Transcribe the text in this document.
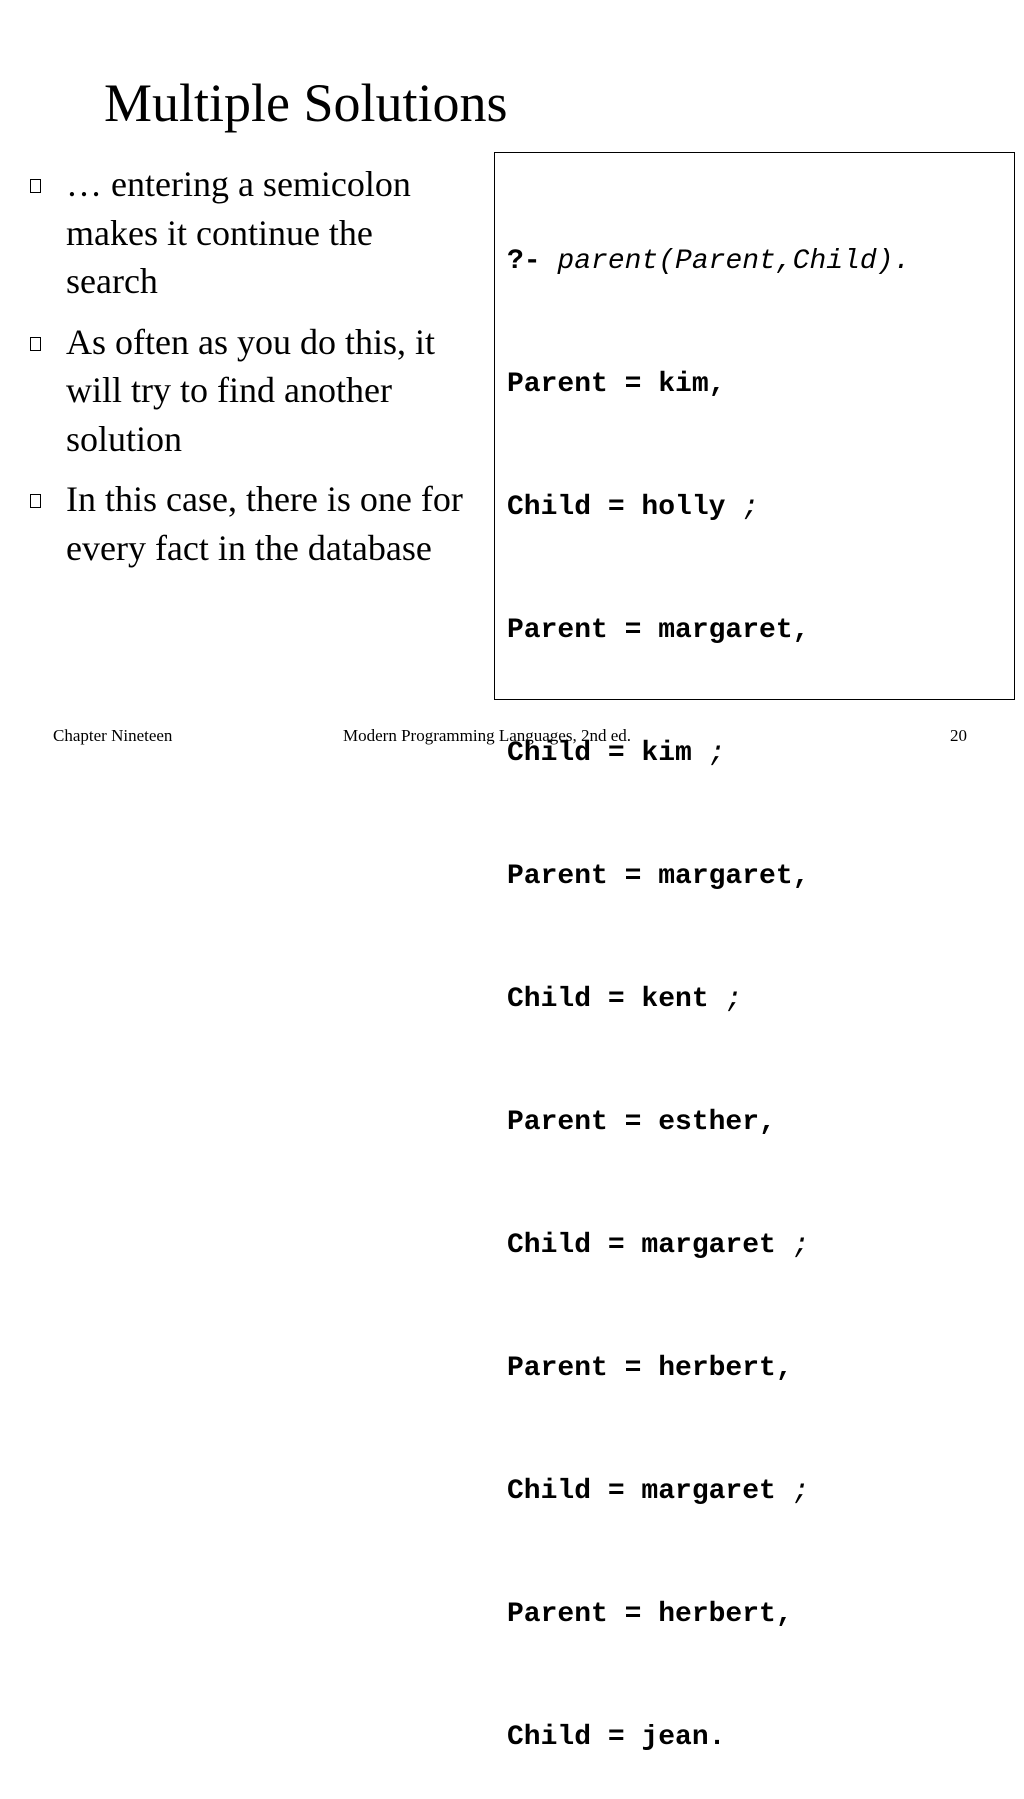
Multiple Solutions
… entering a semicolon makes it continue the search
As often as you do this, it will try to find another solution
In this case, there is one for every fact in the database

?- parent(Parent,Child).

Parent = kim,

Child = holly ;

Parent = margaret,

Child = kim ;

Parent = margaret,

Child = kent ;

Parent = esther,

Child = margaret ;

Parent = herbert,

Child = margaret ;

Parent = herbert,

Child = jean.

Chapter Nineteen	Modern Programming Languages, 2nd ed.	20
